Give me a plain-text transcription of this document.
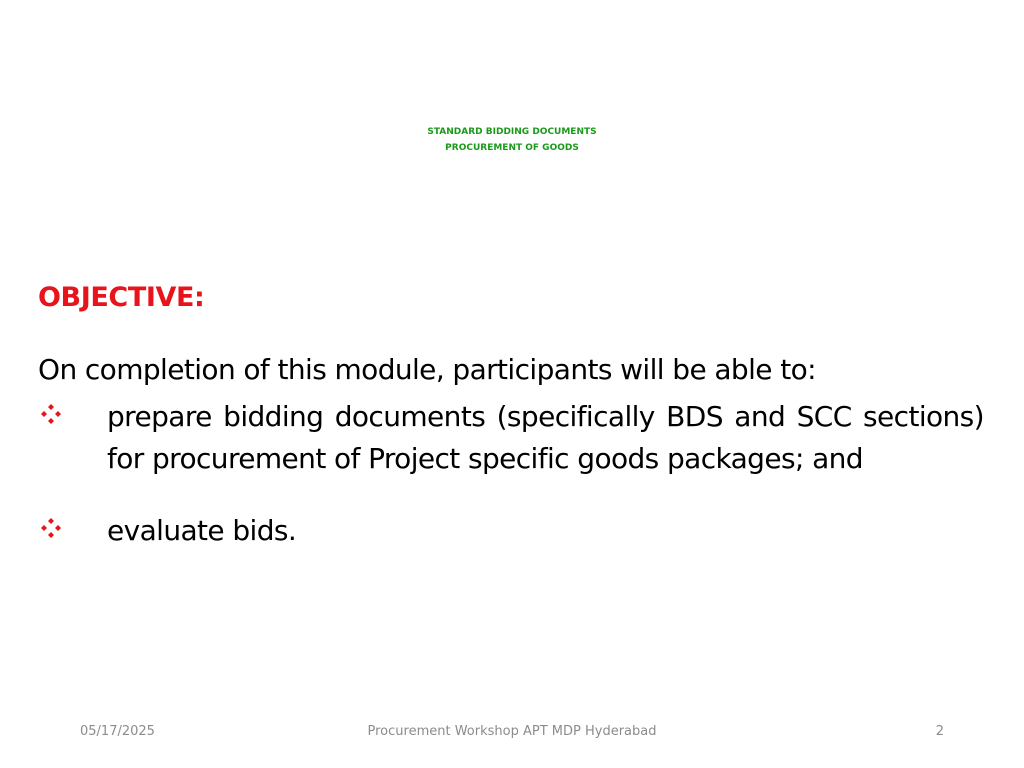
STANDARD BIDDING DOCUMENTS
PROCUREMENT OF GOODS

OBJECTIVE:

On completion of this module, participants will be able to:

prepare bidding documents (specifically BDS and SCC sections) for procurement of Project specific goods packages; and
evaluate bids.
05/17/2025	Procurement Workshop APT MDP Hyderabad	2
